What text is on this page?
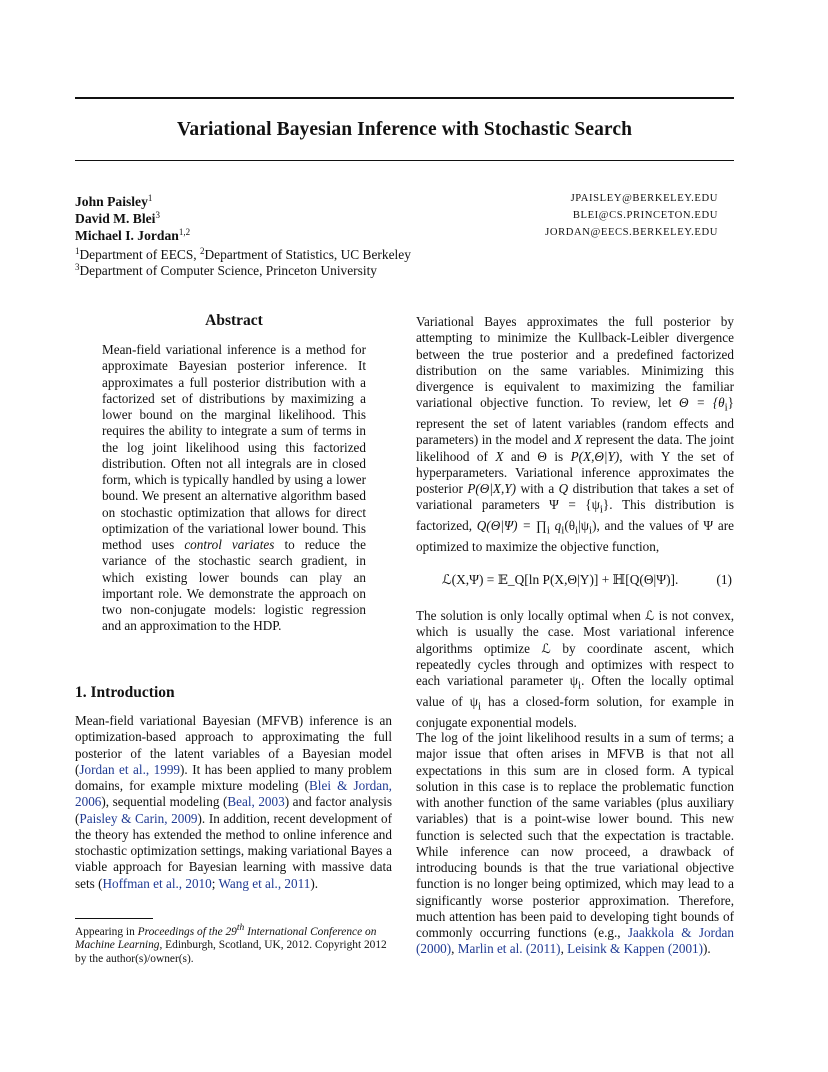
Variational Bayesian Inference with Stochastic Search
John Paisley$^1$
David M. Blei$^3$
Michael I. Jordan$^{1,2}$
JPAISLEY@BERKELEY.EDU
BLEI@CS.PRINCETON.EDU
JORDAN@EECS.BERKELEY.EDU
$^1$Department of EECS, $^2$Department of Statistics, UC Berkeley
$^3$Department of Computer Science, Princeton University
Abstract
Mean-field variational inference is a method for approximate Bayesian posterior inference. It approximates a full posterior distribution with a factorized set of distributions by maximizing a lower bound on the marginal likelihood. This requires the ability to integrate a sum of terms in the log joint likelihood using this factorized distribution. Often not all integrals are in closed form, which is typically handled by using a lower bound. We present an alternative algorithm based on stochastic optimization that allows for direct optimization of the variational lower bound. This method uses control variates to reduce the variance of the stochastic search gradient, in which existing lower bounds can play an important role. We demonstrate the approach on two non-conjugate models: logistic regression and an approximation to the HDP.
1. Introduction
Mean-field variational Bayesian (MFVB) inference is an optimization-based approach to approximating the full posterior of the latent variables of a Bayesian model (Jordan et al., 1999). It has been applied to many problem domains, for example mixture modeling (Blei & Jordan, 2006), sequential modeling (Beal, 2003) and factor analysis (Paisley & Carin, 2009). In addition, recent development of the theory has extended the method to online inference and stochastic optimization settings, making variational Bayes a viable approach for Bayesian learning with massive data sets (Hoffman et al., 2010; Wang et al., 2011).
Appearing in Proceedings of the 29th International Conference on Machine Learning, Edinburgh, Scotland, UK, 2012. Copyright 2012 by the author(s)/owner(s).
Variational Bayes approximates the full posterior by attempting to minimize the Kullback-Leibler divergence between the true posterior and a predefined factorized distribution on the same variables. Minimizing this divergence is equivalent to maximizing the familiar variational objective function. To review, let $\Theta = \{\theta_i\}$ represent the set of latent variables (random effects and parameters) in the model and X represent the data. The joint likelihood of X and Θ is P(X,Θ|Υ), with Υ the set of hyperparameters. Variational inference approximates the posterior P(Θ|X,Υ) with a Q distribution that takes a set of variational parameters $\Psi = \{\psi_i\}$. This distribution is factorized, $Q(\Theta|\Psi) = \prod_i$ $q_i(\theta_i|\psi_i)$, and the values of Ψ are optimized to maximize the objective function,
ℒ(X,Ψ) = 𝔼_Q[ln P(X,Θ|Υ)] + ℍ[Q(Θ|Ψ)].	(1)
The solution is only locally optimal when ℒ is not convex, which is usually the case. Most variational inference algorithms optimize ℒ by coordinate ascent, which repeatedly cycles through and optimizes with respect to each variational parameter $\psi_i$. Often the locally optimal value of $\psi_i$ has a closed-form solution, for example in conjugate exponential models.
The log of the joint likelihood results in a sum of terms; a major issue that often arises in MFVB is that not all expectations in this sum are in closed form. A typical solution in this case is to replace the problematic function with another function of the same variables (plus auxiliary variables) that is a point-wise lower bound. This new function is selected such that the expectation is tractable. While inference can now proceed, a drawback of introducing bounds is that the true variational objective function is no longer being optimized, which may lead to a significantly worse posterior approximation. Therefore, much attention has been paid to developing tight bounds of commonly occurring functions (e.g., Jaakkola & Jordan (2000), Marlin et al. (2011), Leisink & Kappen (2001)).
